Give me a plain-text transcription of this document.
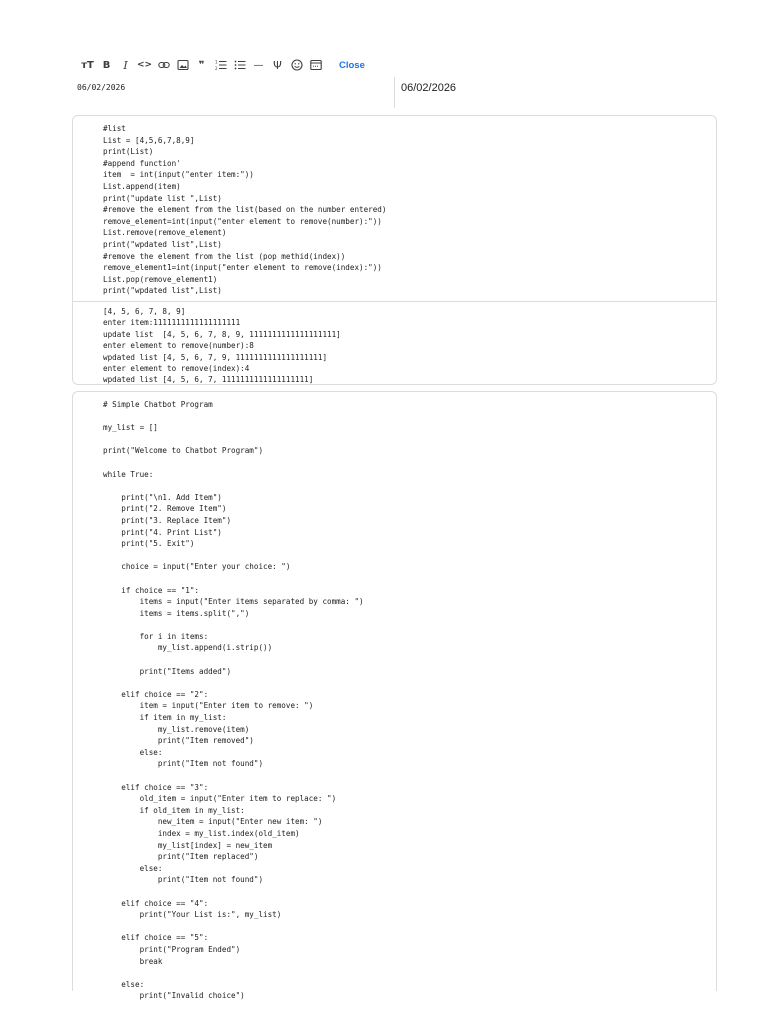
тT B	I	<>	❞	1
2	— Ψ	Close
06/02/2026	06/02/2026
#list
List = [4,5,6,7,8,9]
print(List)
#append function'
item  = int(input("enter item:"))
List.append(item)
print("update list ",List)
#remove the element from the list(based on the number entered)
remove_element=int(input("enter element to remove(number):"))
List.remove(remove_element)
print("wpdated list",List)
#remove the element from the list (pop methid(index))
remove_element1=int(input("enter element to remove(index):"))
List.pop(remove_element1)
print("wpdated list",List)
[4, 5, 6, 7, 8, 9]
enter item:1111111111111111111
update list  [4, 5, 6, 7, 8, 9, 1111111111111111111]
enter element to remove(number):8
wpdated list [4, 5, 6, 7, 9, 1111111111111111111]
enter element to remove(index):4
wpdated list [4, 5, 6, 7, 1111111111111111111]
# Simple Chatbot Program

my_list = []

print("Welcome to Chatbot Program")

while True:

print("\n1. Add Item")
print("2. Remove Item")
print("3. Replace Item")
print("4. Print List")
print("5. Exit")

choice = input("Enter your choice: ")

if choice == "1":
items = input("Enter items separated by comma: ")
items = items.split(",")

for i in items:
my_list.append(i.strip())

print("Items added")

elif choice == "2":
item = input("Enter item to remove: ")
if item in my_list:
my_list.remove(item)
print("Item removed")
else:
print("Item not found")

elif choice == "3":
old_item = input("Enter item to replace: ")
if old_item in my_list:
new_item = input("Enter new item: ")
index = my_list.index(old_item)
my_list[index] = new_item
print("Item replaced")
else:
print("Item not found")

elif choice == "4":
print("Your List is:", my_list)

elif choice == "5":
print("Program Ended")
break

else:
print("Invalid choice")
